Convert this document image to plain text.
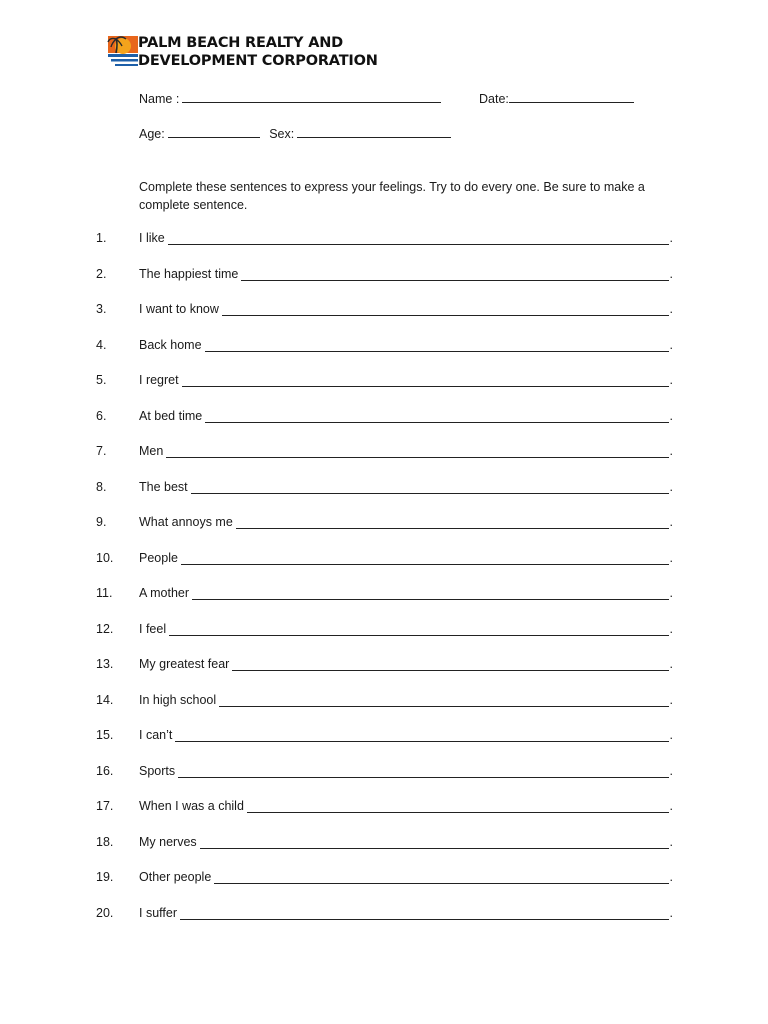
PALM BEACH REALTY AND
DEVELOPMENT CORPORATION
Name :	Date:
Age:	Sex:
Complete these sentences to express your feelings. Try to do every one. Be sure to make a complete sentence.
1.	I like	.
2.	The happiest time	.
3.	I want to know	.
4.	Back home	.
5.	I regret	.
6.	At bed time	.
7.	Men	.
8.	The best	.
9.	What annoys me	.
10. People	.
11. A mother	.
12. I feel	.
13. My greatest fear	.
14. In high school	.
15. I can’t	.
16. Sports	.
17. When I was a child	.
18. My nerves	.
19. Other people	.
20. I suffer	.
